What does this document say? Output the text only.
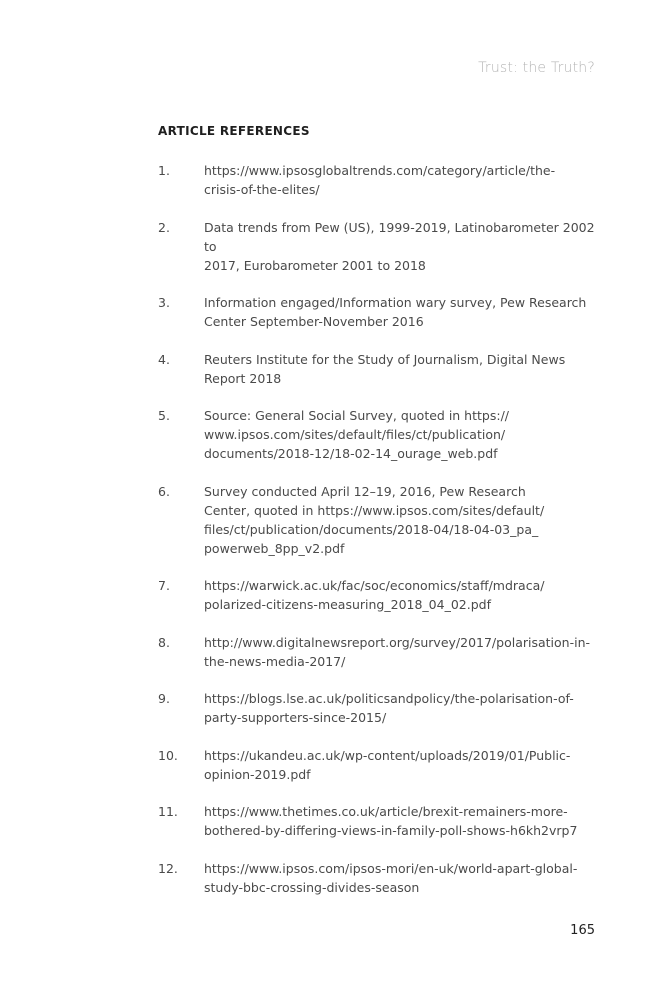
Trust: the Truth?
ARTICLE REFERENCES
1.	https://www.ipsosglobaltrends.com/category/article/the-
crisis-of-the-elites/
2.	Data trends from Pew (US), 1999-2019, Latinobarometer 2002 to
2017, Eurobarometer 2001 to 2018
3.	Information engaged/Information wary survey, Pew Research
Center September-November 2016
4.	Reuters Institute for the Study of Journalism, Digital News
Report 2018
5.	Source: General Social Survey, quoted in https://
www.ipsos.com/sites/default/files/ct/publication/
documents/2018-12/18-02-14_ourage_web.pdf
6.	Survey conducted April 12–19, 2016, Pew Research
Center, quoted in https://www.ipsos.com/sites/default/
files/ct/publication/documents/2018-04/18-04-03_pa_
powerweb_8pp_v2.pdf
7.	https://warwick.ac.uk/fac/soc/economics/staff/mdraca/
polarized-citizens-measuring_2018_04_02.pdf
8.	http://www.digitalnewsreport.org/survey/2017/polarisation-in-
the-news-media-2017/
9.	https://blogs.lse.ac.uk/politicsandpolicy/the-polarisation-of-
party-supporters-since-2015/
10.	https://ukandeu.ac.uk/wp-content/uploads/2019/01/Public-
opinion-2019.pdf
11.	https://www.thetimes.co.uk/article/brexit-remainers-more-
bothered-by-differing-views-in-family-poll-shows-h6kh2vrp7
12.	https://www.ipsos.com/ipsos-mori/en-uk/world-apart-global-
study-bbc-crossing-divides-season
165
